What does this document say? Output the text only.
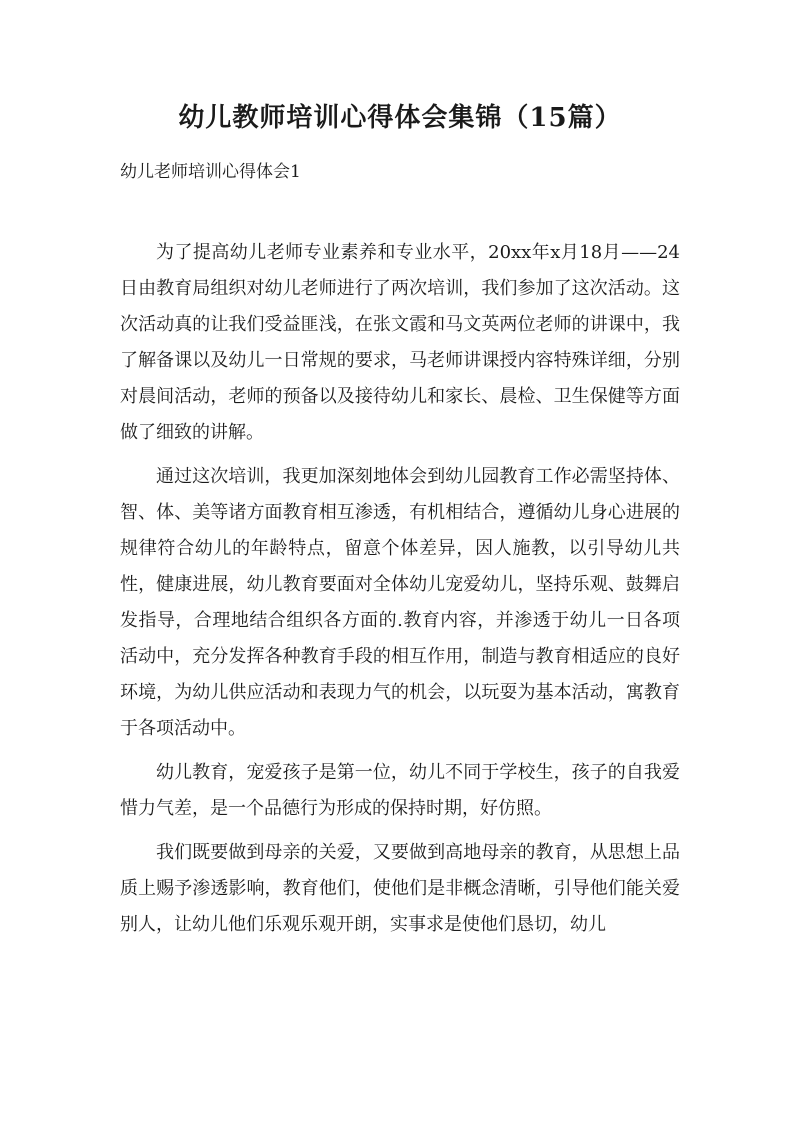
幼儿教师培训心得体会集锦（15篇）
幼儿老师培训心得体会1

为了提高幼儿老师专业素养和专业水平，20xx年x月18月——24日由教育局组织对幼儿老师进行了两次培训，我们参加了这次活动。这次活动真的让我们受益匪浅，在张文霞和马文英两位老师的讲课中，我了解备课以及幼儿一日常规的要求，马老师讲课授内容特殊详细，分别对晨间活动，老师的预备以及接待幼儿和家长、晨检、卫生保健等方面做了细致的讲解。

通过这次培训，我更加深刻地体会到幼儿园教育工作必需坚持体、智、体、美等诸方面教育相互渗透，有机相结合，遵循幼儿身心进展的规律符合幼儿的年龄特点，留意个体差异，因人施教，以引导幼儿共性，健康进展，幼儿教育要面对全体幼儿宠爱幼儿，坚持乐观、鼓舞启发指导，合理地结合组织各方面的.教育内容，并渗透于幼儿一日各项活动中，充分发挥各种教育手段的相互作用，制造与教育相适应的良好环境，为幼儿供应活动和表现力气的机会，以玩耍为基本活动，寓教育于各项活动中。

幼儿教育，宠爱孩子是第一位，幼儿不同于学校生，孩子的自我爱惜力气差，是一个品德行为形成的保持时期，好仿照。

我们既要做到母亲的关爱，又要做到高地母亲的教育，从思想上品质上赐予渗透影响，教育他们，使他们是非概念清晰，引导他们能关爱别人，让幼儿他们乐观乐观开朗，实事求是使他们恳切，幼儿
